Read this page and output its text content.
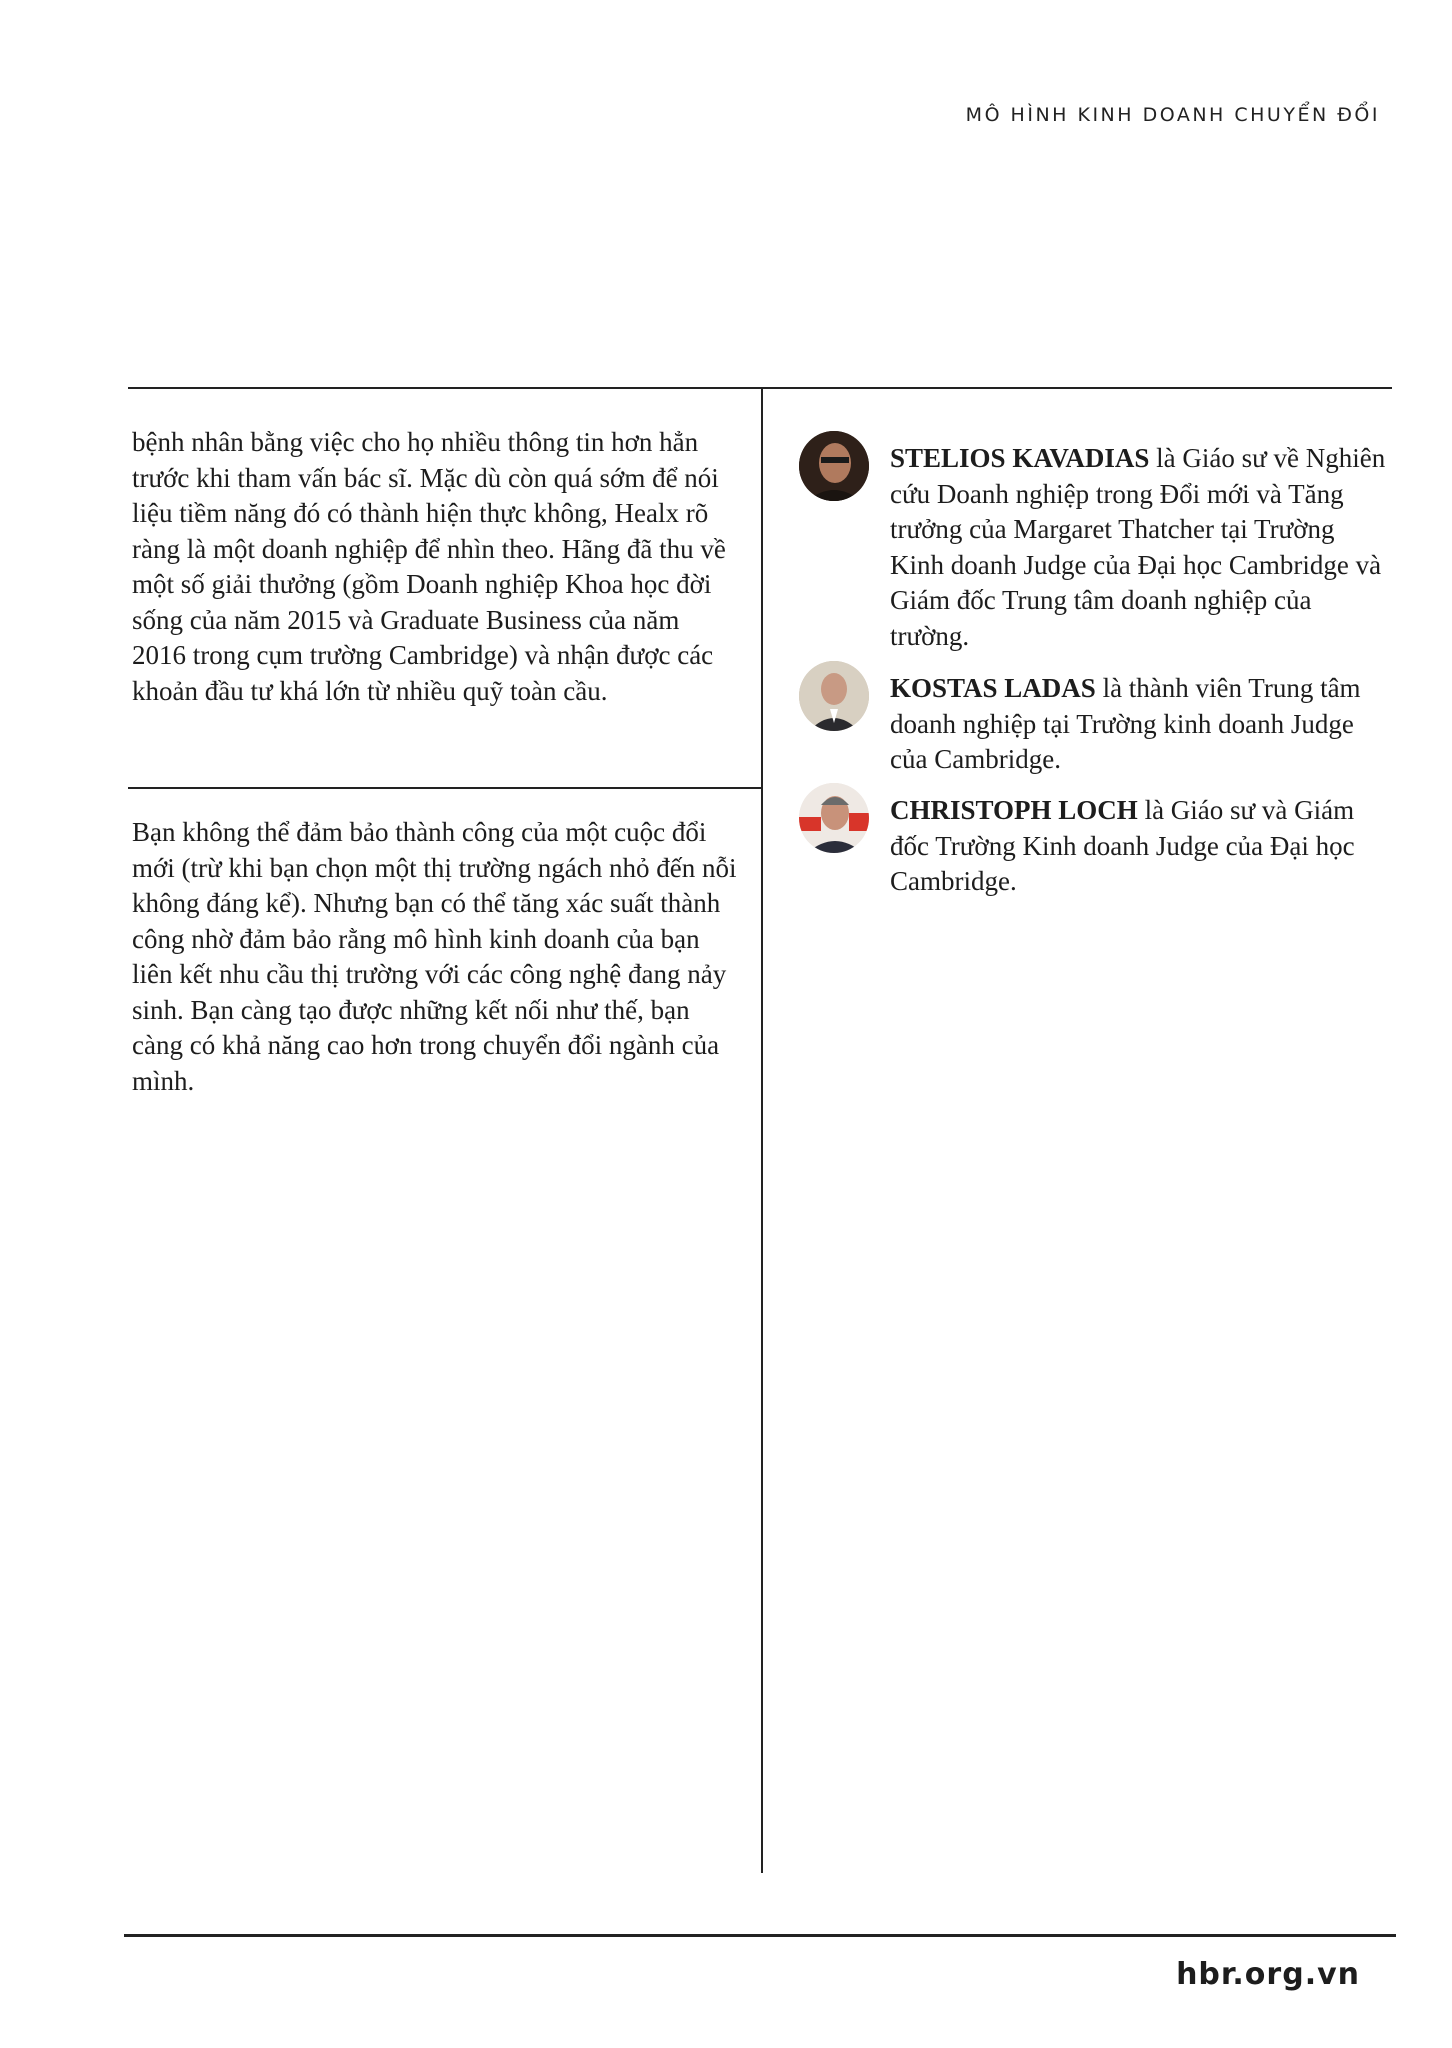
MÔ HÌNH KINH DOANH CHUYỂN ĐỔI

bệnh nhân bằng việc cho họ nhiều thông tin hơn hẳn trước khi tham vấn bác sĩ. Mặc dù còn quá sớm để nói liệu tiềm năng đó có thành hiện thực không, Healx rõ ràng là một doanh nghiệp để nhìn theo. Hãng đã thu về một số giải thưởng (gồm Doanh nghiệp Khoa học đời sống của năm 2015 và Graduate Business của năm 2016 trong cụm trường Cambridge) và nhận được các khoản đầu tư khá lớn từ nhiều quỹ toàn cầu.

Bạn không thể đảm bảo thành công của một cuộc đổi mới (trừ khi bạn chọn một thị trường ngách nhỏ đến nỗi không đáng kể). Nhưng bạn có thể tăng xác suất thành công nhờ đảm bảo rằng mô hình kinh doanh của bạn liên kết nhu cầu thị trường với các công nghệ đang nảy sinh. Bạn càng tạo được những kết nối như thế, bạn càng có khả năng cao hơn trong chuyển đổi ngành của mình.

STELIOS KAVADIAS là Giáo sư về Nghiên cứu Doanh nghiệp trong Đổi mới và Tăng trưởng của Margaret Thatcher tại Trường Kinh doanh Judge của Đại học Cambridge và Giám đốc Trung tâm doanh nghiệp của trường.

KOSTAS LADAS là thành viên Trung tâm doanh nghiệp tại Trường kinh doanh Judge của Cambridge.

CHRISTOPH LOCH là Giáo sư và Giám đốc Trường Kinh doanh Judge của Đại học Cambridge.

hbr.org.vn
